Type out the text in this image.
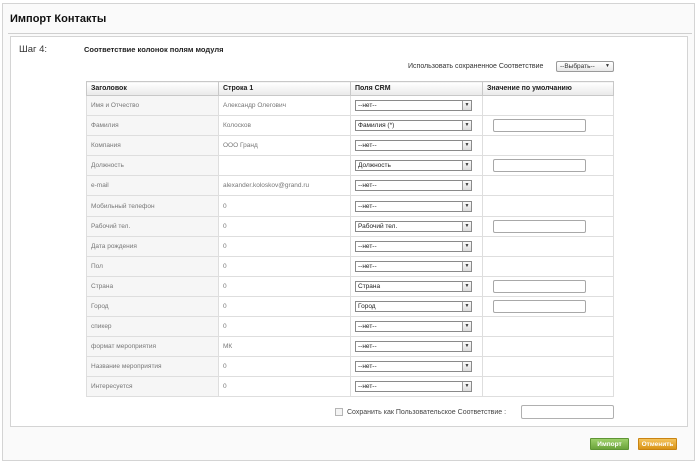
Импорт Контакты
Шаг 4:	Соответствие колонок полям модуля
Использовать сохраненное Соответствие	--Выбрать-- ▼
Заголовок	Строка 1	Поля CRM	Значение по умолчанию
Имя и Отчество	Александр Олегович	--нет-- ▼	

Фамилия	Колосков	Фамилия (*) ▼	

Компания	ООО Гранд	--нет-- ▼	

Должность		Должность ▼	

e-mail	alexander.koloskov@grand.ru	--нет-- ▼	

Мобильный телефон	0	--нет-- ▼	

Рабочий тел.	0	Рабочий тел. ▼	

Дата рождения	0	--нет-- ▼	

Пол	0	--нет-- ▼	

Страна	0	Страна ▼	

Город	0	Город ▼	

спикер	0	--нет-- ▼	

формат мероприятия	МК	--нет-- ▼	

Название мероприятия	0	--нет-- ▼	

Интересуется	0	--нет-- ▼	

Сохранить как Пользовательское Соответствие :
Импорт	Отменить
